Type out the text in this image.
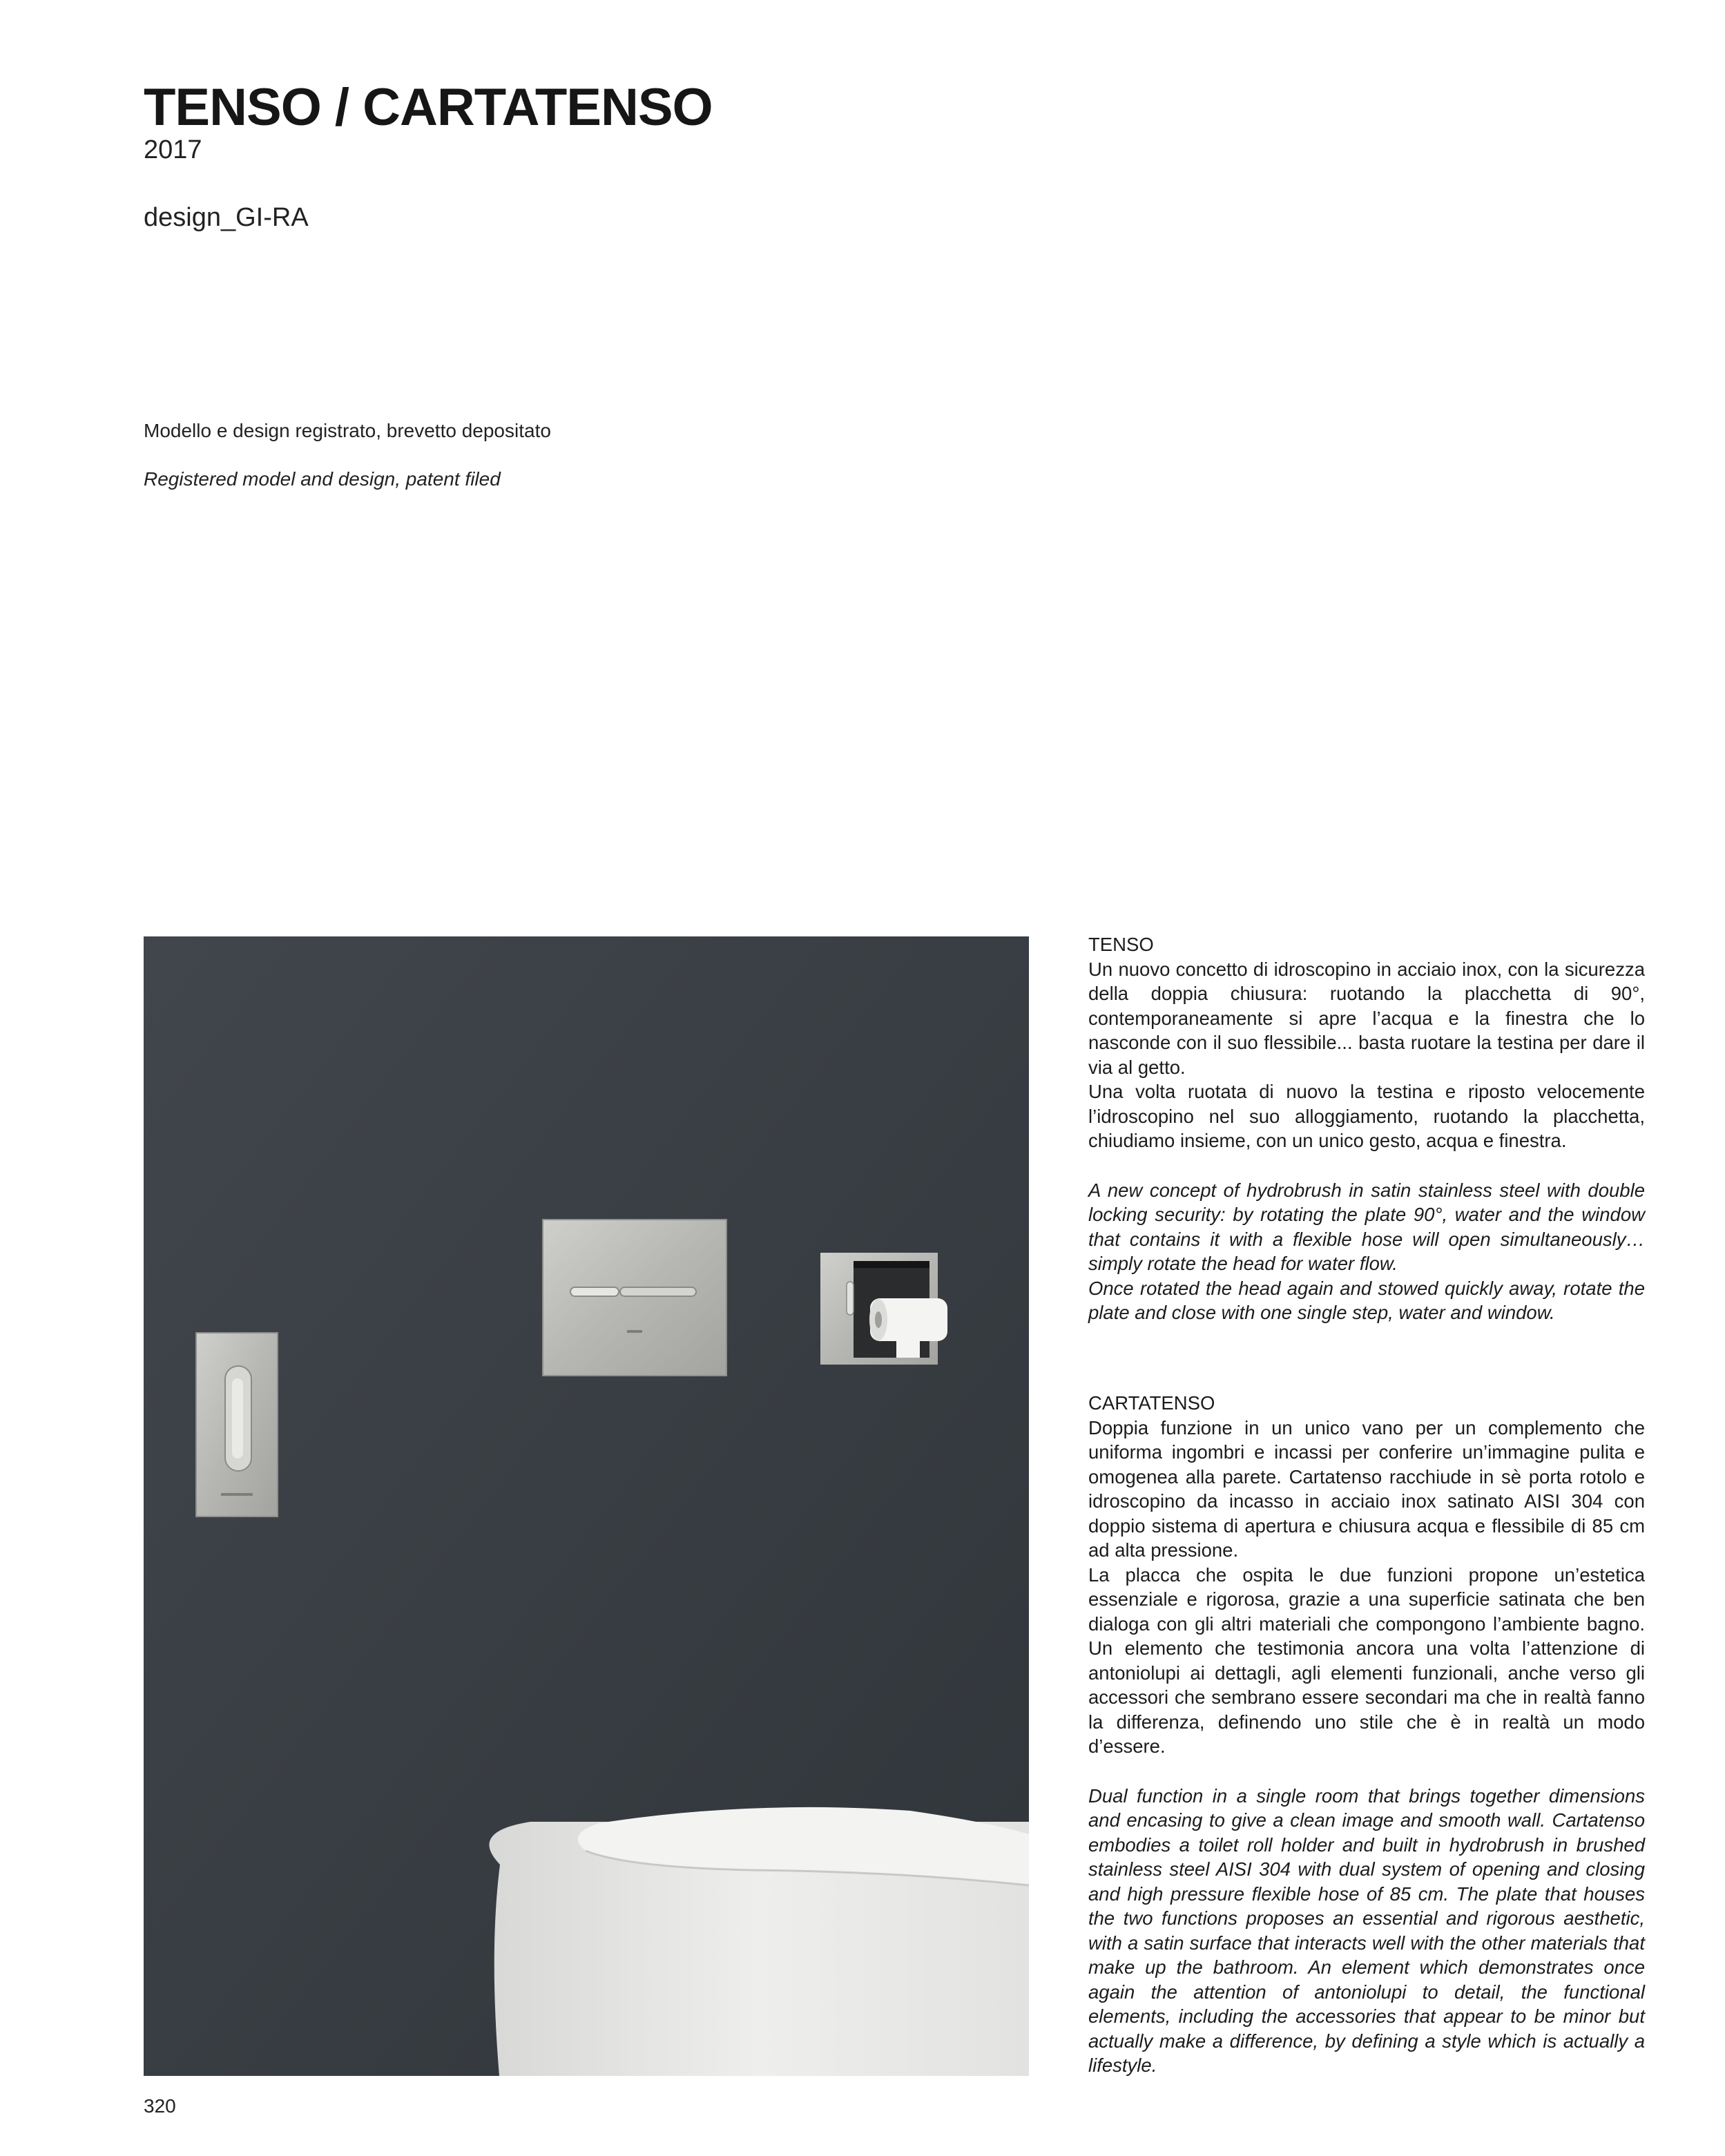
TENSO / CARTATENSO
2017
design_GI-RA
Modello e design registrato, brevetto depositato
Registered model and design, patent filed

TENSO

Un nuovo concetto di idroscopino in acciaio inox, con la sicurezza della doppia chiusura: ruotando la placchetta di 90°, contemporaneamente si apre l’acqua e la finestra che lo nasconde con il suo flessibile... basta ruotare la testina per dare il via al getto.

Una volta ruotata di nuovo la testina e riposto velocemente l’idroscopino nel suo alloggiamento, ruotando la placchetta, chiudiamo insieme, con un unico gesto, acqua e finestra.

A new concept of hydrobrush in satin stainless steel with double locking security: by rotating the plate 90°, water and the window that contains it with a flexible hose will open simultaneously… simply rotate the head for water flow.

Once rotated the head again and stowed quickly away, rotate the plate and close with one single step, water and window.

CARTATENSO

Doppia funzione in un unico vano per un complemento che uniforma ingombri e incassi per conferire un’immagine pulita e omogenea alla parete. Cartatenso racchiude in sè porta rotolo e idroscopino da incasso in acciaio inox satinato AISI 304 con doppio sistema di apertura e chiusura acqua e flessibile di 85 cm ad alta pressione.

La placca che ospita le due funzioni propone un’estetica essenziale e rigorosa, grazie a una superficie satinata che ben dialoga con gli altri materiali che compongono l’ambiente bagno. Un elemento che testimonia ancora una volta l’attenzione di antoniolupi ai dettagli, agli elementi funzionali, anche verso gli accessori che sembrano essere secondari ma che in realtà fanno la differenza, definendo uno stile che è in realtà un modo d’essere.

Dual function in a single room that brings together dimensions and encasing to give a clean image and smooth wall. Cartatenso embodies a toilet roll holder and built in hydrobrush in brushed stainless steel AISI 304 with dual system of opening and closing and high pressure flexible hose of 85 cm. The plate that houses the two functions proposes an essential and rigorous aesthetic, with a satin surface that interacts well with the other materials that make up the bathroom. An element which demonstrates once again the attention of antoniolupi to detail, the functional elements, including the accessories that appear to be minor but actually make a difference, by defining a style which is actually a lifestyle.

320
